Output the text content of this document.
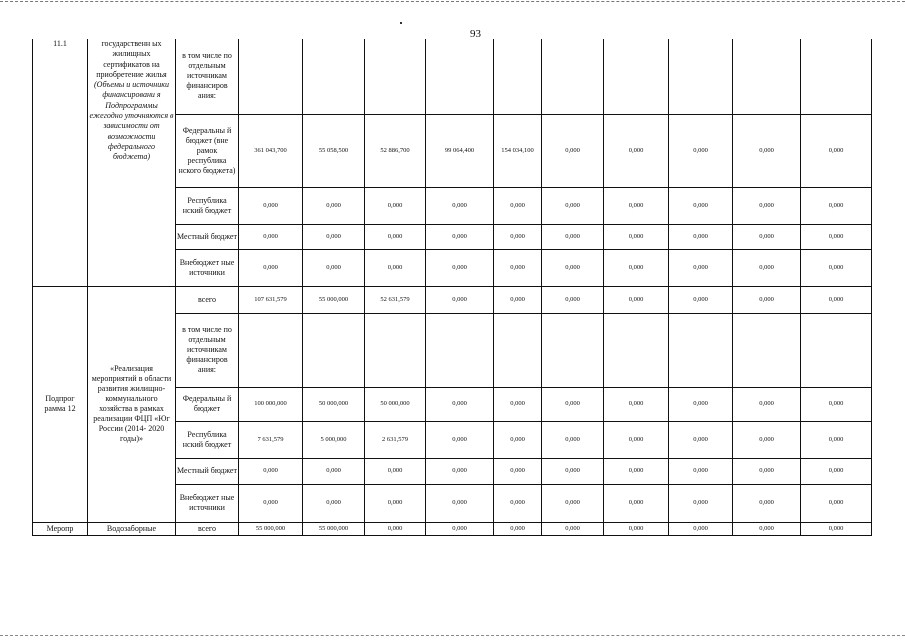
93
11.1	государственн ых жилищных сертификатов на приобретение жилья
(Объемы и источники финансировани я Подпрограммы ежегодно уточняются в зависимости от возможности федерального бюджета)	в том числе по отдельным источникам финансиров ания:										
		Федеральны й бюджет (вне рамок республика нского бюджета)	361 043,700	55 058,500	52 886,700	99 064,400	154 034,100	0,000	0,000	0,000	0,000	0,000
		Республика нский бюджет	0,000	0,000	0,000	0,000	0,000	0,000	0,000	0,000	0,000	0,000
		Местный бюджет	0,000	0,000	0,000	0,000	0,000	0,000	0,000	0,000	0,000	0,000
		Внебюджет ные источники	0,000	0,000	0,000	0,000	0,000	0,000	0,000	0,000	0,000	0,000
Подпрог рамма 12	«Реализация мероприятий в области развития жилищно- коммунального хозяйства в рамках реализации ФЦП «Юг России (2014- 2020 годы)»	всего	107 631,579	55 000,000	52 631,579	0,000	0,000	0,000	0,000	0,000	0,000	0,000
		в том числе по отдельным источникам финансиров ания:										
		Федеральны й бюджет	100 000,000	50 000,000	50 000,000	0,000	0,000	0,000	0,000	0,000	0,000	0,000
		Республика нский бюджет	7 631,579	5 000,000	2 631,579	0,000	0,000	0,000	0,000	0,000	0,000	0,000
		Местный бюджет	0,000	0,000	0,000	0,000	0,000	0,000	0,000	0,000	0,000	0,000
		Внебюджет ные источники	0,000	0,000	0,000	0,000	0,000	0,000	0,000	0,000	0,000	0,000
Меропр	Водозаборные	всего	55 000,000	55 000,000	0,000	0,000	0,000	0,000	0,000	0,000	0,000	0,000
